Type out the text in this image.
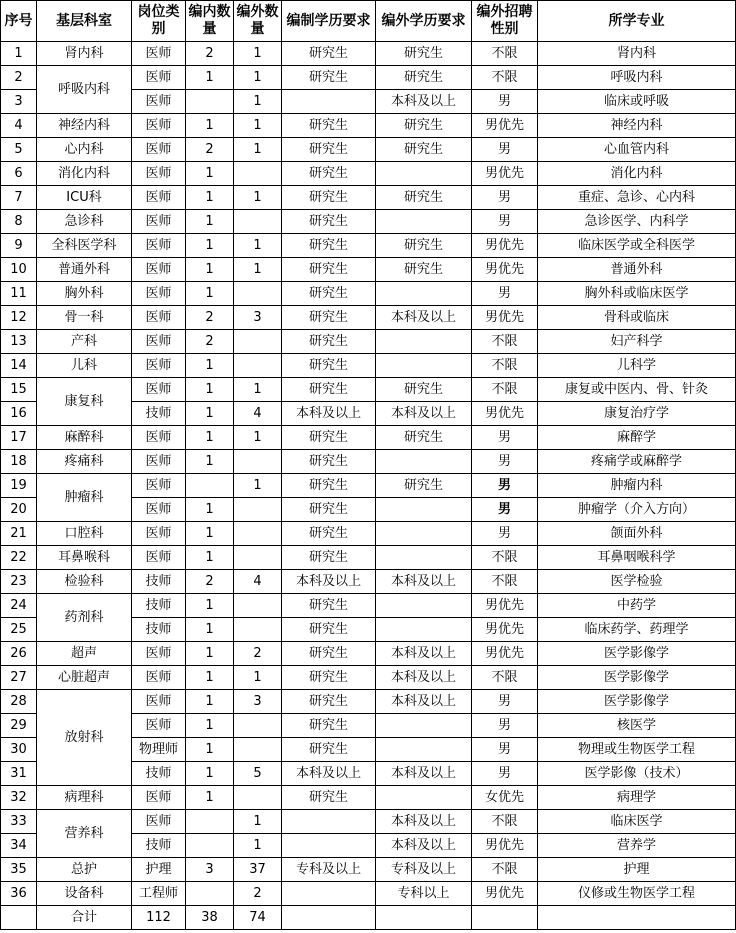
序号	基层科室	岗位类别	编内数量	编外数量	编制学历要求	编外学历要求	编外招聘性别	所学专业
1	肾内科	医师	2	1	研究生	研究生	不限	肾内科
2	呼吸内科	医师	1	1	研究生	研究生	不限	呼吸内科
3		医师		1		本科及以上	男	临床或呼吸
4	神经内科	医师	1	1	研究生	研究生	男优先	神经内科
5	心内科	医师	2	1	研究生	研究生	男	心血管内科
6	消化内科	医师	1		研究生		男优先	消化内科
7	ICU科	医师	1	1	研究生	研究生	男	重症、急诊、心内科
8	急诊科	医师	1		研究生		男	急诊医学、内科学
9	全科医学科	医师	1	1	研究生	研究生	男优先	临床医学或全科医学
10	普通外科	医师	1	1	研究生	研究生	男优先	普通外科
11	胸外科	医师	1		研究生		男	胸外科或临床医学
12	骨一科	医师	2	3	研究生	本科及以上	男优先	骨科或临床
13	产科	医师	2		研究生		不限	妇产科学
14	儿科	医师	1		研究生		不限	儿科学
15	康复科	医师	1	1	研究生	研究生	不限	康复或中医内、骨、针灸
16		技师	1	4	本科及以上	本科及以上	男优先	康复治疗学
17	麻醉科	医师	1	1	研究生	研究生	男	麻醉学
18	疼痛科	医师	1		研究生		男	疼痛学或麻醉学
19	肿瘤科	医师		1	研究生	研究生	男	肿瘤内科
20		医师	1		研究生		男	肿瘤学（介入方向）
21	口腔科	医师	1		研究生		男	颌面外科
22	耳鼻喉科	医师	1		研究生		不限	耳鼻咽喉科学
23	检验科	技师	2	4	本科及以上	本科及以上	不限	医学检验
24	药剂科	技师	1		研究生		男优先	中药学
25		技师	1		研究生		男优先	临床药学、药理学
26	超声	医师	1	2	研究生	本科及以上	男优先	医学影像学
27	心脏超声	医师	1	1	研究生	本科及以上	不限	医学影像学
28	放射科	医师	1	3	研究生	本科及以上	男	医学影像学
29		医师	1		研究生		男	核医学
30		物理师	1		研究生		男	物理或生物医学工程
31		技师	1	5	本科及以上	本科及以上	男	医学影像（技术）
32	病理科	医师	1		研究生		女优先	病理学
33	营养科	医师		1		本科及以上	不限	临床医学
34		技师		1		本科及以上	男优先	营养学
35	总护	护理	3	37	专科及以上	专科及以上	不限	护理
36	设备科	工程师		2		专科以上	男优先	仪修或生物医学工程
	合计	112	38	74				
